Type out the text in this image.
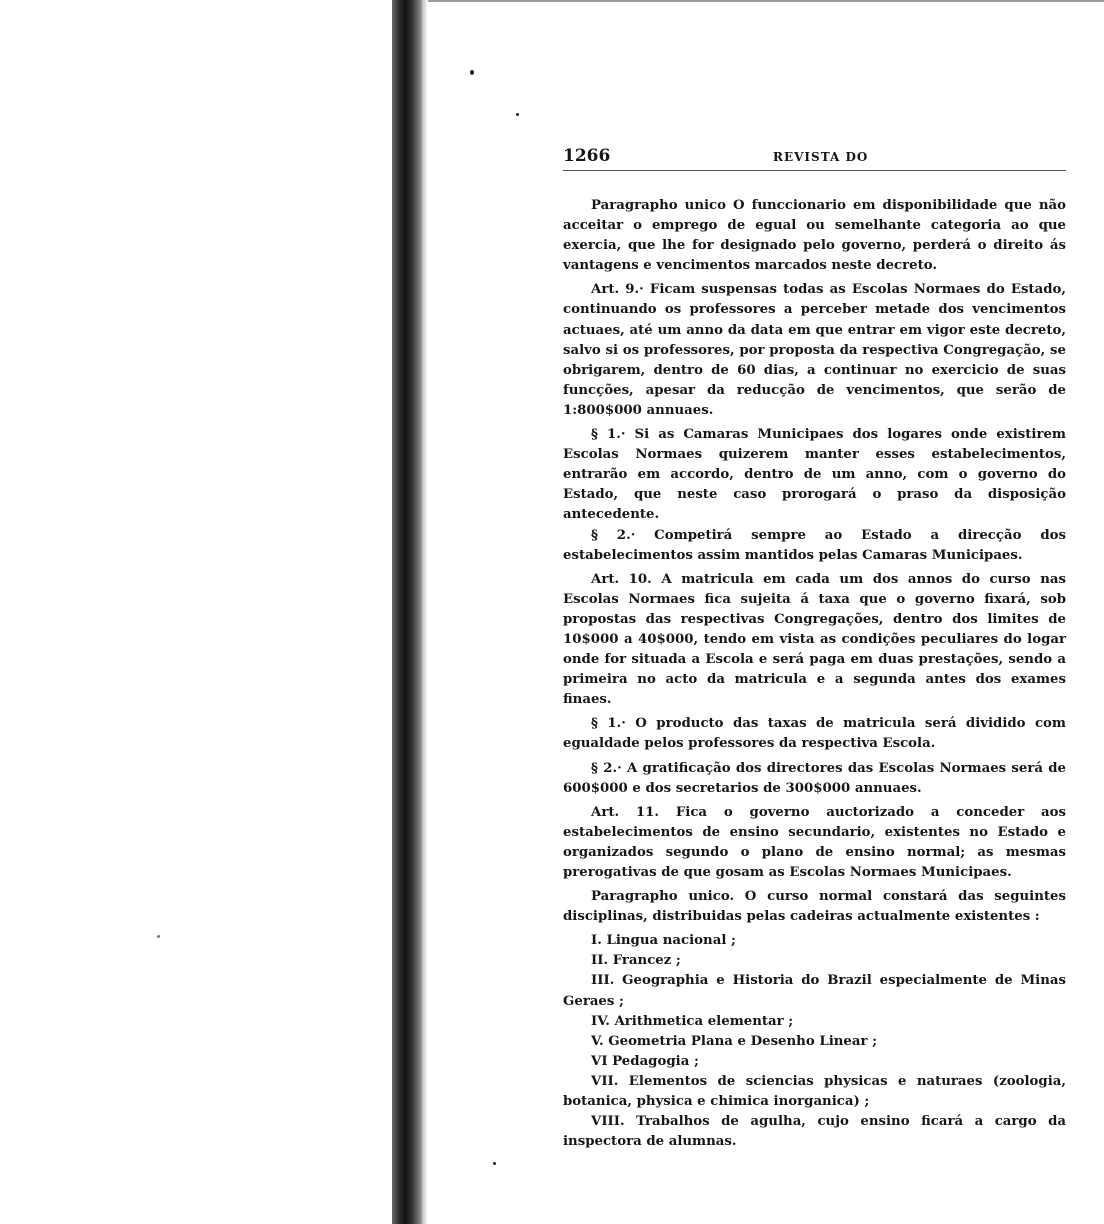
1266	REVISTA DO

Paragrapho unico O funccionario em disponibilidade que não acceitar o emprego de egual ou semelhante categoria ao que exercia, que lhe for designado pelo governo, perderá o direito ás vantagens e vencimentos marcados neste decreto.

Art. 9.· Ficam suspensas todas as Escolas Normaes do Estado, continuando os professores a perceber metade dos vencimentos actuaes, até um anno da data em que entrar em vigor este decreto, salvo si os professores, por proposta da respectiva Congregação, se obrigarem, dentro de 60 dias, a continuar no exercicio de suas funcções, apesar da reducção de vencimentos, que serão de 1:800$000 annuaes.

§ 1.· Si as Camaras Municipaes dos logares onde existirem Escolas Normaes quizerem manter esses estabelecimentos, entrarão em accordo, dentro de um anno, com o governo do Estado, que neste caso prorogará o praso da disposição antecedente.

§ 2.· Competirá sempre ao Estado a direcção dos estabelecimentos assim mantidos pelas Camaras Municipaes.

Art. 10. A matricula em cada um dos annos do curso nas Escolas Normaes fica sujeita á taxa que o governo fixará, sob propostas das respectivas Congregações, dentro dos limites de 10$000 a 40$000, tendo em vista as condições peculiares do logar onde for situada a Escola e será paga em duas prestações, sendo a primeira no acto da matricula e a segunda antes dos exames finaes.

§ 1.· O producto das taxas de matricula será dividido com egualdade pelos professores da respectiva Escola.

§ 2.· A gratificação dos directores das Escolas Normaes será de 600$000 e dos secretarios de 300$000 annuaes.

Art. 11. Fica o governo auctorizado a conceder aos estabelecimentos de ensino secundario, existentes no Estado e organizados segundo o plano de ensino normal; as mesmas prerogativas de que gosam as Escolas Normaes Municipaes.

Paragrapho unico. O curso normal constará das seguintes disciplinas, distribuidas pelas cadeiras actualmente existentes :

I. Lingua nacional ;

II. Francez ;

III. Geographia e Historia do Brazil especialmente de Minas Geraes ;

IV. Arithmetica elementar ;

V. Geometria Plana e Desenho Linear ;

VI Pedagogia ;

VII. Elementos de sciencias physicas e naturaes (zoologia, botanica, physica e chimica inorganica) ;

VIII. Trabalhos de agulha, cujo ensino ficará a cargo da inspectora de alumnas.
